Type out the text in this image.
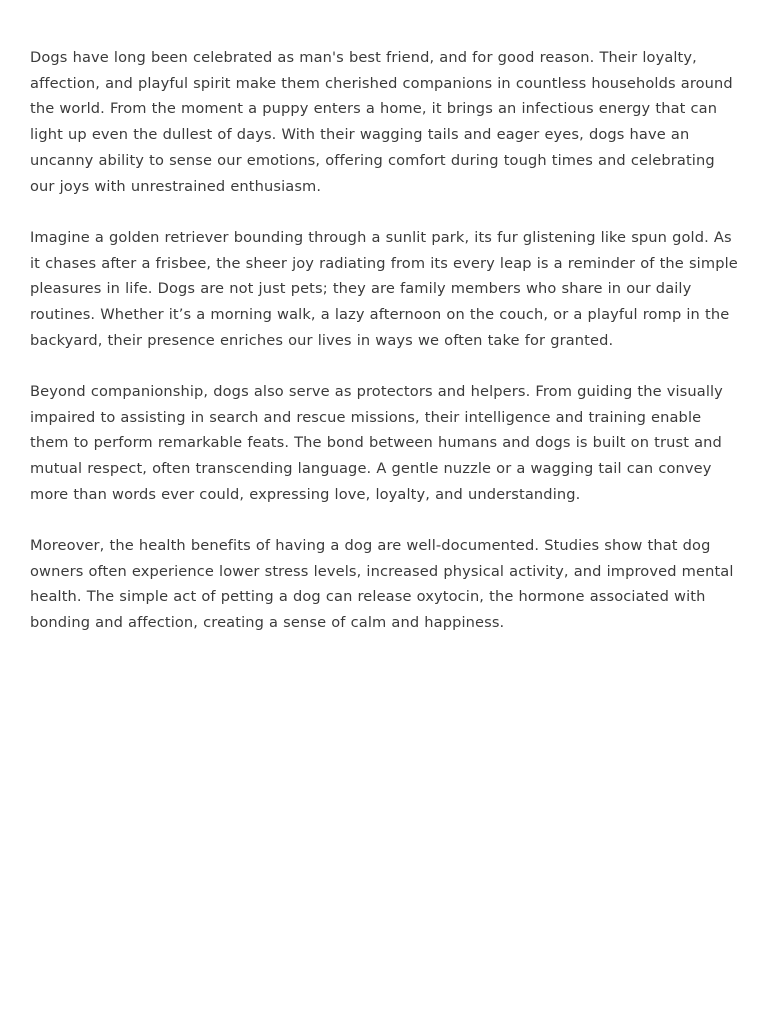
Dogs have long been celebrated as man's best friend, and for good reason. Their loyalty, affection, and playful spirit make them cherished companions in countless households around the world. From the moment a puppy enters a home, it brings an infectious energy that can light up even the dullest of days. With their wagging tails and eager eyes, dogs have an uncanny ability to sense our emotions, offering comfort during tough times and celebrating our joys with unrestrained enthusiasm.

Imagine a golden retriever bounding through a sunlit park, its fur glistening like spun gold. As it chases after a frisbee, the sheer joy radiating from its every leap is a reminder of the simple pleasures in life. Dogs are not just pets; they are family members who share in our daily routines. Whether it’s a morning walk, a lazy afternoon on the couch, or a playful romp in the backyard, their presence enriches our lives in ways we often take for granted.

Beyond companionship, dogs also serve as protectors and helpers. From guiding the visually impaired to assisting in search and rescue missions, their intelligence and training enable them to perform remarkable feats. The bond between humans and dogs is built on trust and mutual respect, often transcending language. A gentle nuzzle or a wagging tail can convey more than words ever could, expressing love, loyalty, and understanding.

Moreover, the health benefits of having a dog are well-documented. Studies show that dog owners often experience lower stress levels, increased physical activity, and improved mental health. The simple act of petting a dog can release oxytocin, the hormone associated with bonding and affection, creating a sense of calm and happiness.
